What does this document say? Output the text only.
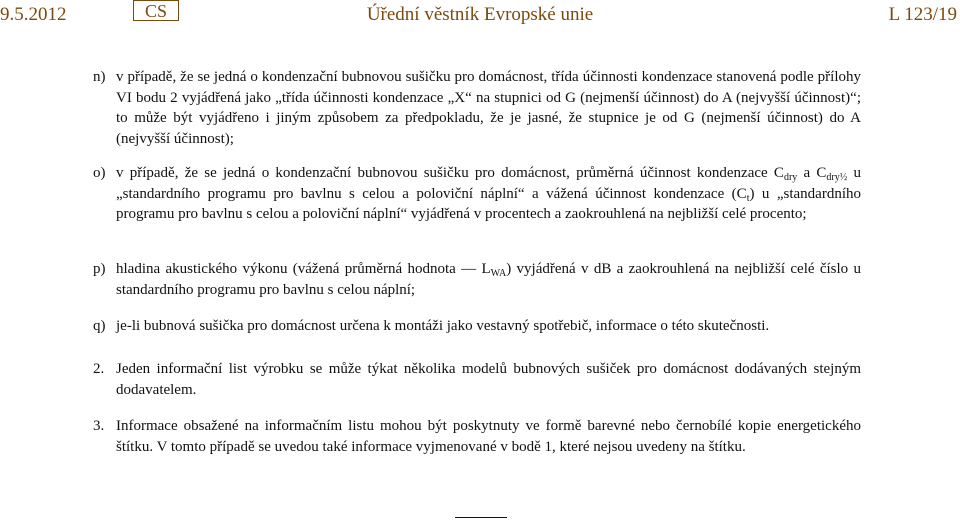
9.5.2012	CS	Úřední věstník Evropské unie	L 123/19
n) v případě, že se jedná o kondenzační bubnovou sušičku pro domácnost, třída účinnosti kondenzace stanovená podle přílohy VI bodu 2 vyjádřená jako „třída účinnosti kondenzace „X“ na stupnici od G (nejmenší účinnost) do A (nejvyšší účinnost)“; to může být vyjádřeno i jiným způsobem za předpokladu, že je jasné, že stupnice je od G (nejmenší účinnost) do A (nejvyšší účinnost);
o) v případě, že se jedná o kondenzační bubnovou sušičku pro domácnost, průměrná účinnost kondenzace $C_{dry}$ a $C_{dry\frac{1}{2}}$ u „standardního programu pro bavlnu s celou a poloviční náplní“ a vážená účinnost kondenzace $(C_t)$ u „standardního programu pro bavlnu s celou a poloviční náplní“ vyjádřená v procentech a zaokrouhlená na nejbližší celé procento;
p) hladina akustického výkonu (vážená průměrná hodnota — $L_{WA}$) vyjádřená v dB a zaokrouhlená na nejbližší celé číslo u standardního programu pro bavlnu s celou náplní;
q) je-li bubnová sušička pro domácnost určena k montáži jako vestavný spotřebič, informace o této skutečnosti.
2. Jeden informační list výrobku se může týkat několika modelů bubnových sušiček pro domácnost dodávaných stejným dodavatelem.
3. Informace obsažené na informačním listu mohou být poskytnuty ve formě barevné nebo černobílé kopie energetického štítku. V tomto případě se uvedou také informace vyjmenované v bodě 1, které nejsou uvedeny na štítku.
